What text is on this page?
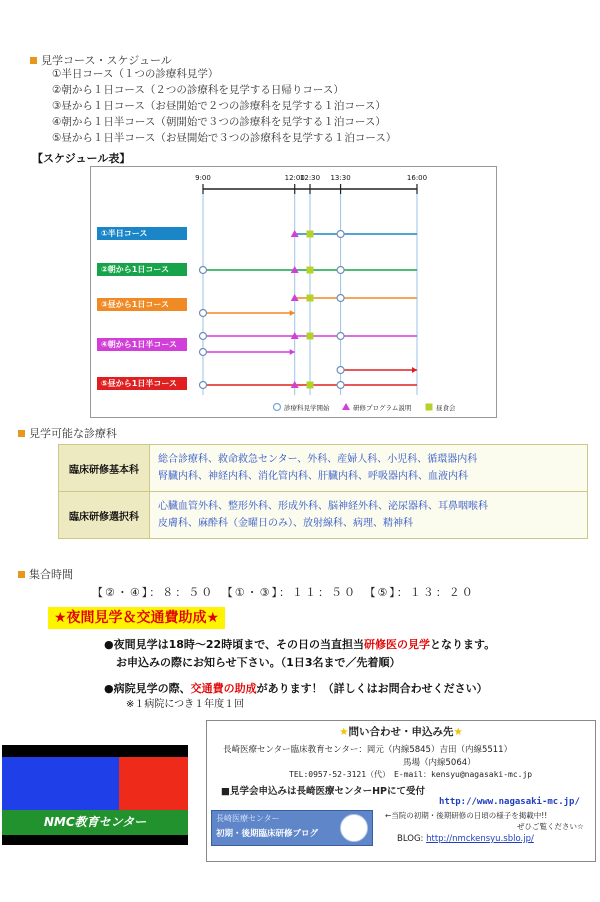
見学コース・スケジュール
①半日コース（１つの診療科見学）
②朝から１日コース（２つの診療科を見学する日帰りコース）
③昼から１日コース（お昼開始で２つの診療科を見学する１泊コース）
④朝から１日半コース（朝開始で３つの診療科を見学する１泊コース）
⑤昼から１日半コース（お昼開始で３つの診療科を見学する１泊コース）
【スケジュール表】
9:00	12:00
12:30 13:30	16:00
診療科見学開始	研修プログラム説明	昼食会
①半日コース
②朝から1日コース
③昼から1日コース
④朝から1日半コース
⑤昼から1日半コース
見学可能な診療科
臨床研修基本科	総合診療科、救命救急センター、外科、産婦人科、小児科、循環器内科
腎臓内科、神経内科、消化管内科、肝臓内科、呼吸器内科、血液内科

臨床研修選択科	心臓血管外科、整形外科、形成外科、脳神経外科、泌尿器科、耳鼻咽喉科
皮膚科、麻酔科（金曜日のみ）、放射線科、病理、精神科
集合時間
【②・④】：８：５０　【①・③】：１１：５０　【⑤】：１３：２０
★夜間見学＆交通費助成★
●夜間見学は18時〜22時頃まで、その日の当直担当研修医の見学となります。
お申込みの際にお知らせ下さい。（1日3名まで／先着順）
●病院見学の際、交通費の助成があります！（詳しくはお問合わせください）
※１病院につき１年度１回
NMC教育センター
★問い合わせ・申込み先★
長崎医療センター臨床教育センター：岡元（内線5845）吉田（内線5511）
馬場（内線5064）
TEL:0957-52-3121（代）　E-mail：kensyu@nagasaki-mc.jp
■見学会申込みは長崎医療センターHPにて受付
http://www.nagasaki-mc.jp/
長崎医療センター
初期・後期臨床研修ブログ
←当院の初期・後期研修の日頃の様子を掲載中!!
ぜひご覧ください☆
BLOG: http://nmckensyu.sblo.jp/
